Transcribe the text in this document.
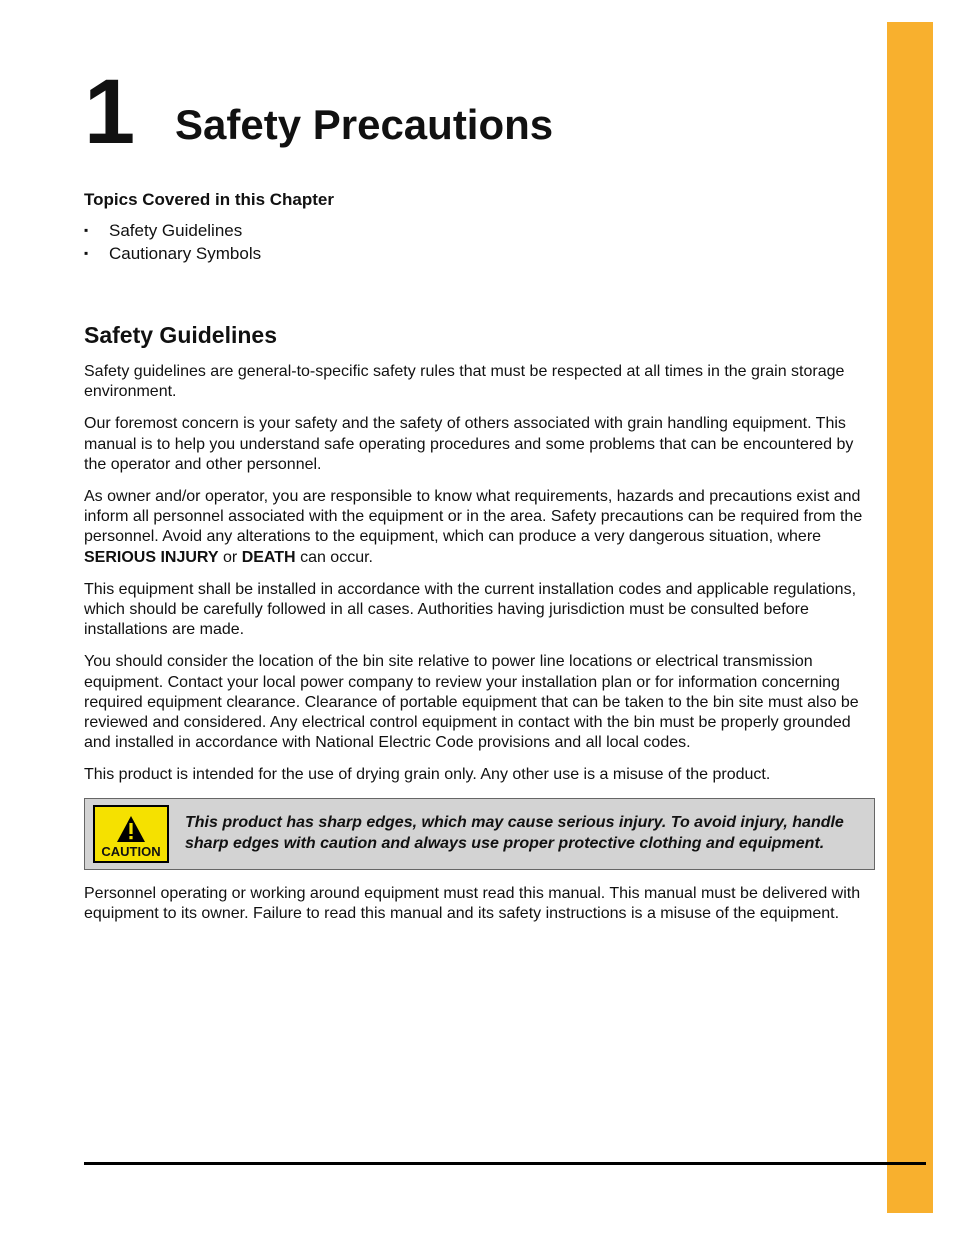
1 Safety Precautions
Topics Covered in this Chapter
▪ Safety Guidelines
▪ Cautionary Symbols
Safety Guidelines

Safety guidelines are general-to-specific safety rules that must be respected at all times in the grain storage environment.

Our foremost concern is your safety and the safety of others associated with grain handling equipment. This manual is to help you understand safe operating procedures and some problems that can be encountered by the operator and other personnel.

As owner and/or operator, you are responsible to know what requirements, hazards and precautions exist and inform all personnel associated with the equipment or in the area. Safety precautions can be required from the personnel. Avoid any alterations to the equipment, which can produce a very dangerous situation, where SERIOUS INJURY or DEATH can occur.

This equipment shall be installed in accordance with the current installation codes and applicable regulations, which should be carefully followed in all cases. Authorities having jurisdiction must be consulted before installations are made.

You should consider the location of the bin site relative to power line locations or electrical transmission equipment. Contact your local power company to review your installation plan or for information concerning required equipment clearance. Clearance of portable equipment that can be taken to the bin site must also be reviewed and considered. Any electrical control equipment in contact with the bin must be properly grounded and installed in accordance with National Electric Code provisions and all local codes.

This product is intended for the use of drying grain only. Any other use is a misuse of the product.

CAUTION
This product has sharp edges, which may cause serious injury. To avoid injury, handle sharp edges with caution and always use proper protective clothing and equipment.

Personnel operating or working around equipment must read this manual. This manual must be delivered with equipment to its owner. Failure to read this manual and its safety instructions is a misuse of the equipment.
